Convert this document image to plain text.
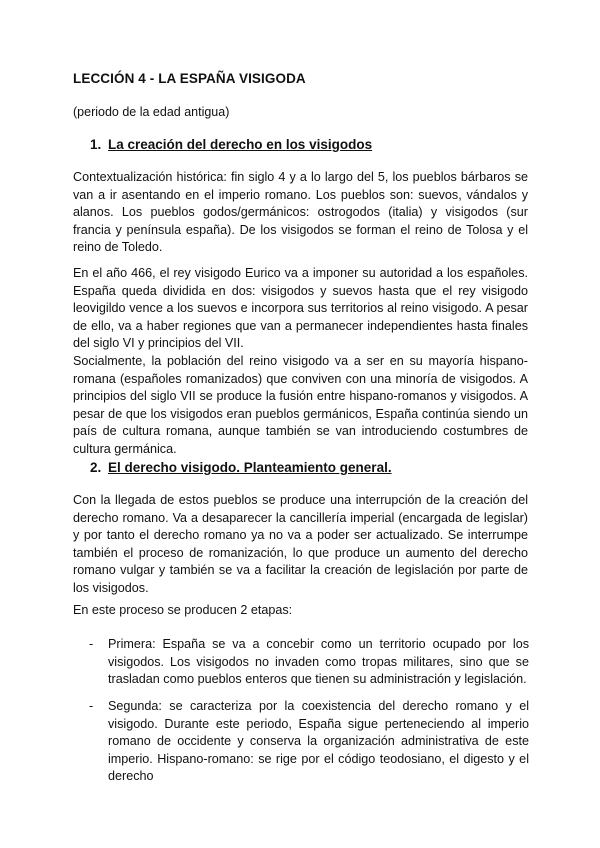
LECCIÓN 4 - LA ESPAÑA VISIGODA
(periodo de la edad antigua)
1. La creación del derecho en los visigodos

Contextualización histórica: fin siglo 4 y a lo largo del 5, los pueblos bárbaros se van a ir asentando en el imperio romano. Los pueblos son: suevos, vándalos y alanos. Los pueblos godos/germánicos: ostrogodos (italia) y visigodos (sur francia y península españa). De los visigodos se forman el reino de Tolosa y el reino de Toledo.

En el año 466, el rey visigodo Eurico va a imponer su autoridad a los españoles. España queda dividida en dos: visigodos y suevos hasta que el rey visigodo leovigildo vence a los suevos e incorpora sus territorios al reino visigodo. A pesar de ello, va a haber regiones que van a permanecer independientes hasta finales del siglo VI y principios del VII.

Socialmente, la población del reino visigodo va a ser en su mayoría hispano-romana (españoles romanizados) que conviven con una minoría de visigodos. A principios del siglo VII se produce la fusión entre hispano-romanos y visigodos. A pesar de que los visigodos eran pueblos germánicos, España continúa siendo un país de cultura romana, aunque también se van introduciendo costumbres de cultura germánica.

2. El derecho visigodo. Planteamiento general.

Con la llegada de estos pueblos se produce una interrupción de la creación del derecho romano. Va a desaparecer la cancillería imperial (encargada de legislar) y por tanto el derecho romano ya no va a poder ser actualizado. Se interrumpe también el proceso de romanización, lo que produce un aumento del derecho romano vulgar y también se va a facilitar la creación de legislación por parte de los visigodos.

En este proceso se producen 2 etapas:

-	Primera: España se va a concebir como un territorio ocupado por los visigodos. Los visigodos no invaden como tropas militares, sino que se trasladan como pueblos enteros que tienen su administración y legislación.
-	Segunda: se caracteriza por la coexistencia del derecho romano y el visigodo. Durante este periodo, España sigue perteneciendo al imperio romano de occidente y conserva la organización administrativa de este imperio. Hispano-romano: se rige por el código teodosiano, el digesto y el derecho
